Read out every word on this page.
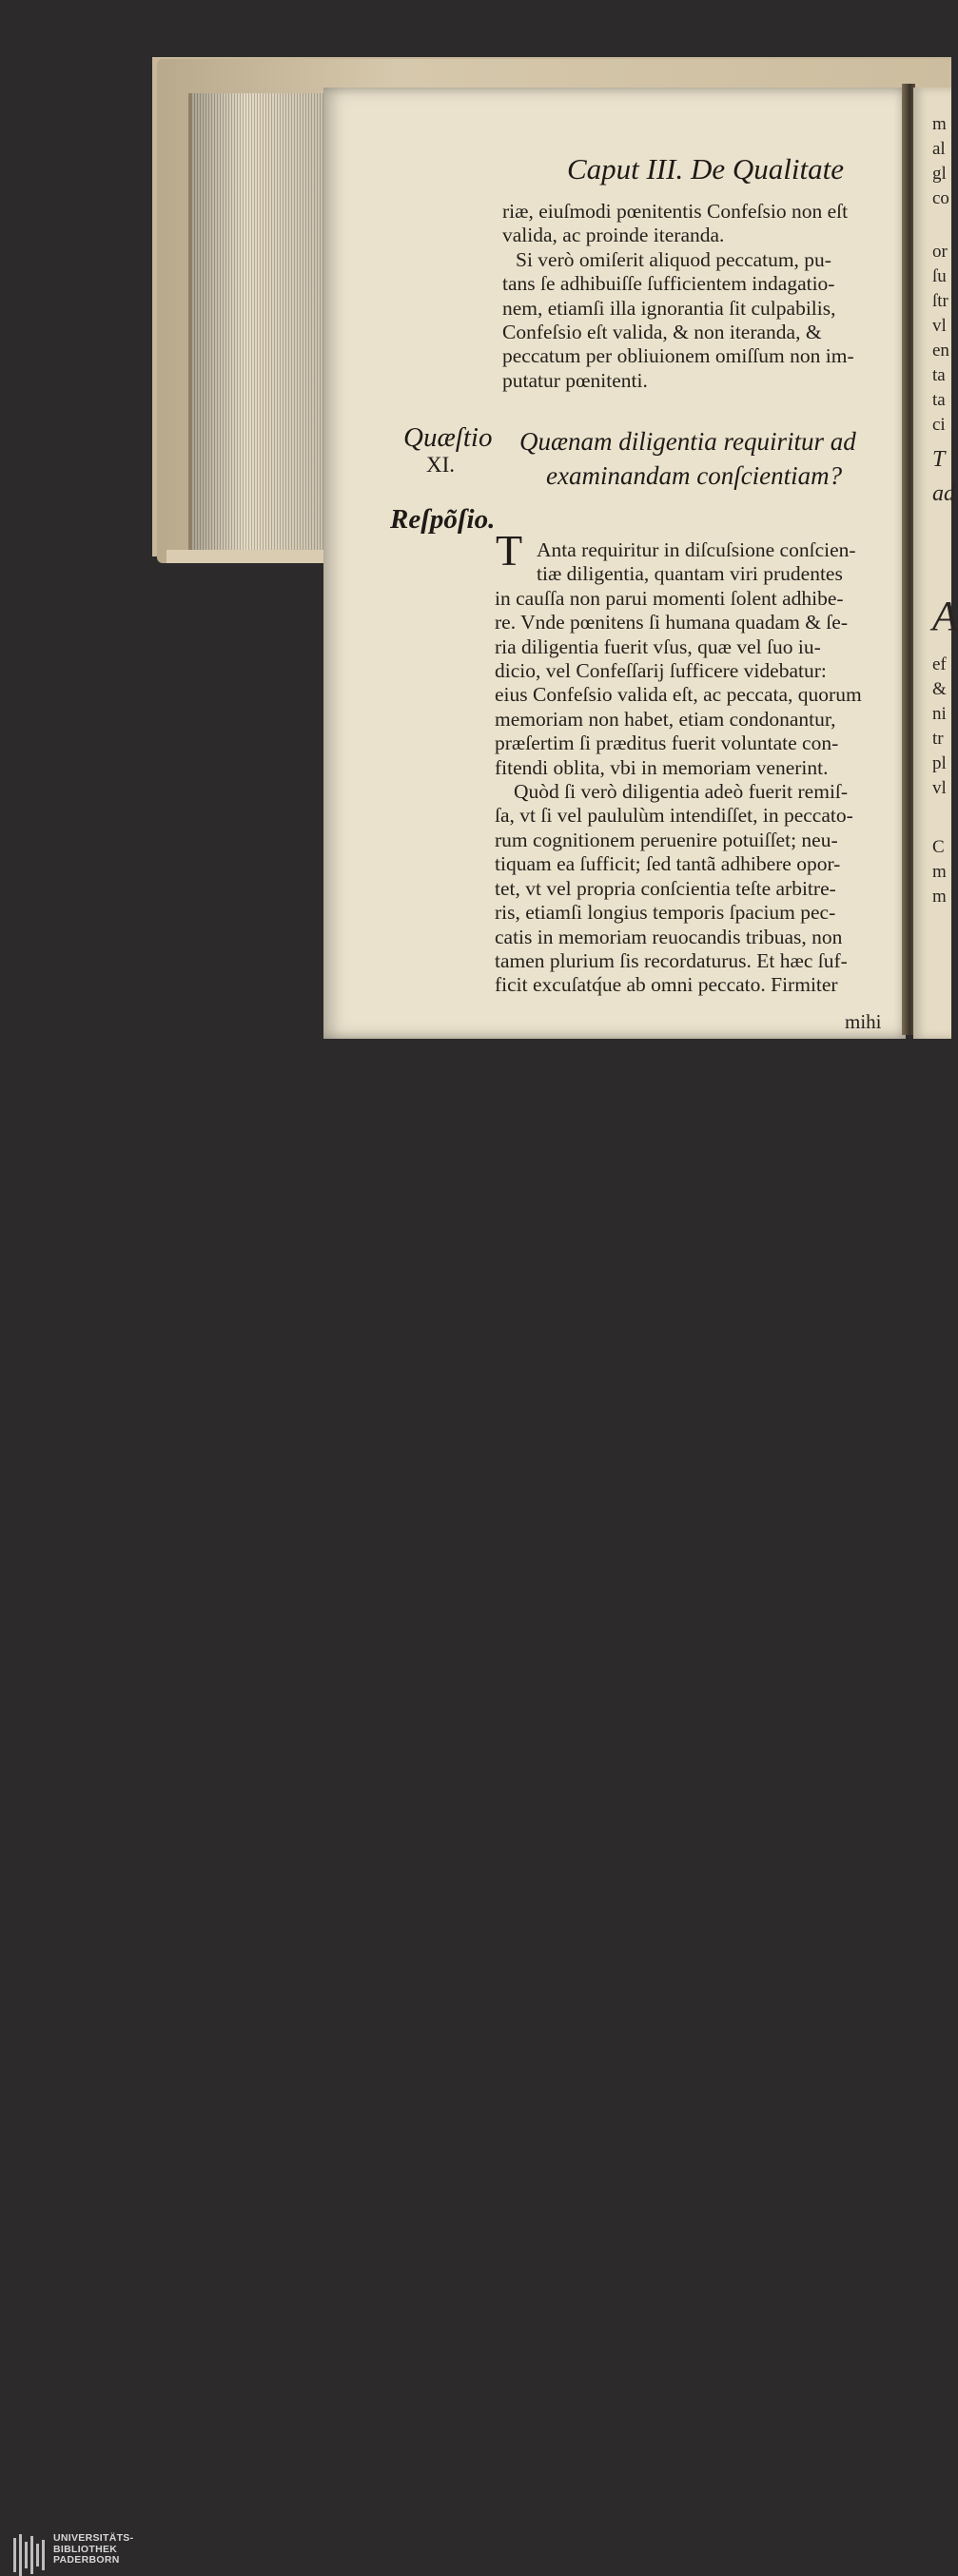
m
al
gl
co
or
ſu
ſtr
vl
en
ta
ta
ci
T
ad
A
ef
&
ni
tr
pl
vl
C
m
m
Caput III. De Qualitate
riæ, eiuſmodi pœnitentis Confeſsio non eſt
valida, ac proinde iteranda.
Si verò omiſerit aliquod peccatum, pu-
tans ſe adhibuiſſe ſufficientem indagatio-
nem, etiamſi illa ignorantia ſit culpabilis,
Confeſsio eſt valida, & non iteranda, &
peccatum per obliuionem omiſſum non im-
putatur pœnitenti.
Quæſtio
XI.
Quænam diligentia requiritur ad
examinandam conſcientiam?
Reſpõſio.
T Anta requiritur in diſcuſsione conſcien-
tiæ diligentia, quantam viri prudentes
in cauſſa non parui momenti ſolent adhibe-
re. Vnde pœnitens ſi humana quadam & ſe-
ria diligentia fuerit vſus, quæ vel ſuo iu-
dicio, vel Confeſſarij ſufficere videbatur:
eius Confeſsio valida eſt, ac peccata, quorum
memoriam non habet, etiam condonantur,
præſertim ſi præditus fuerit voluntate con-
fitendi oblita, vbi in memoriam venerint.
Quòd ſi verò diligentia adeò fuerit remiſ-
ſa, vt ſi vel paululùm intendiſſet, in peccato-
rum cognitionem peruenire potuiſſet; neu-
tiquam ea ſufficit; ſed tantã adhibere opor-
tet, vt vel propria conſcientia teſte arbitre-
ris, etiamſi longius temporis ſpacium pec-
catis in memoriam reuocandis tribuas, non
tamen plurium ſis recordaturus. Et hæc ſuf-
ficit excuſatq́ue ab omni peccato. Firmiter
mihi
UNIVERSITÄTS-
BIBLIOTHEK
PADERBORN
